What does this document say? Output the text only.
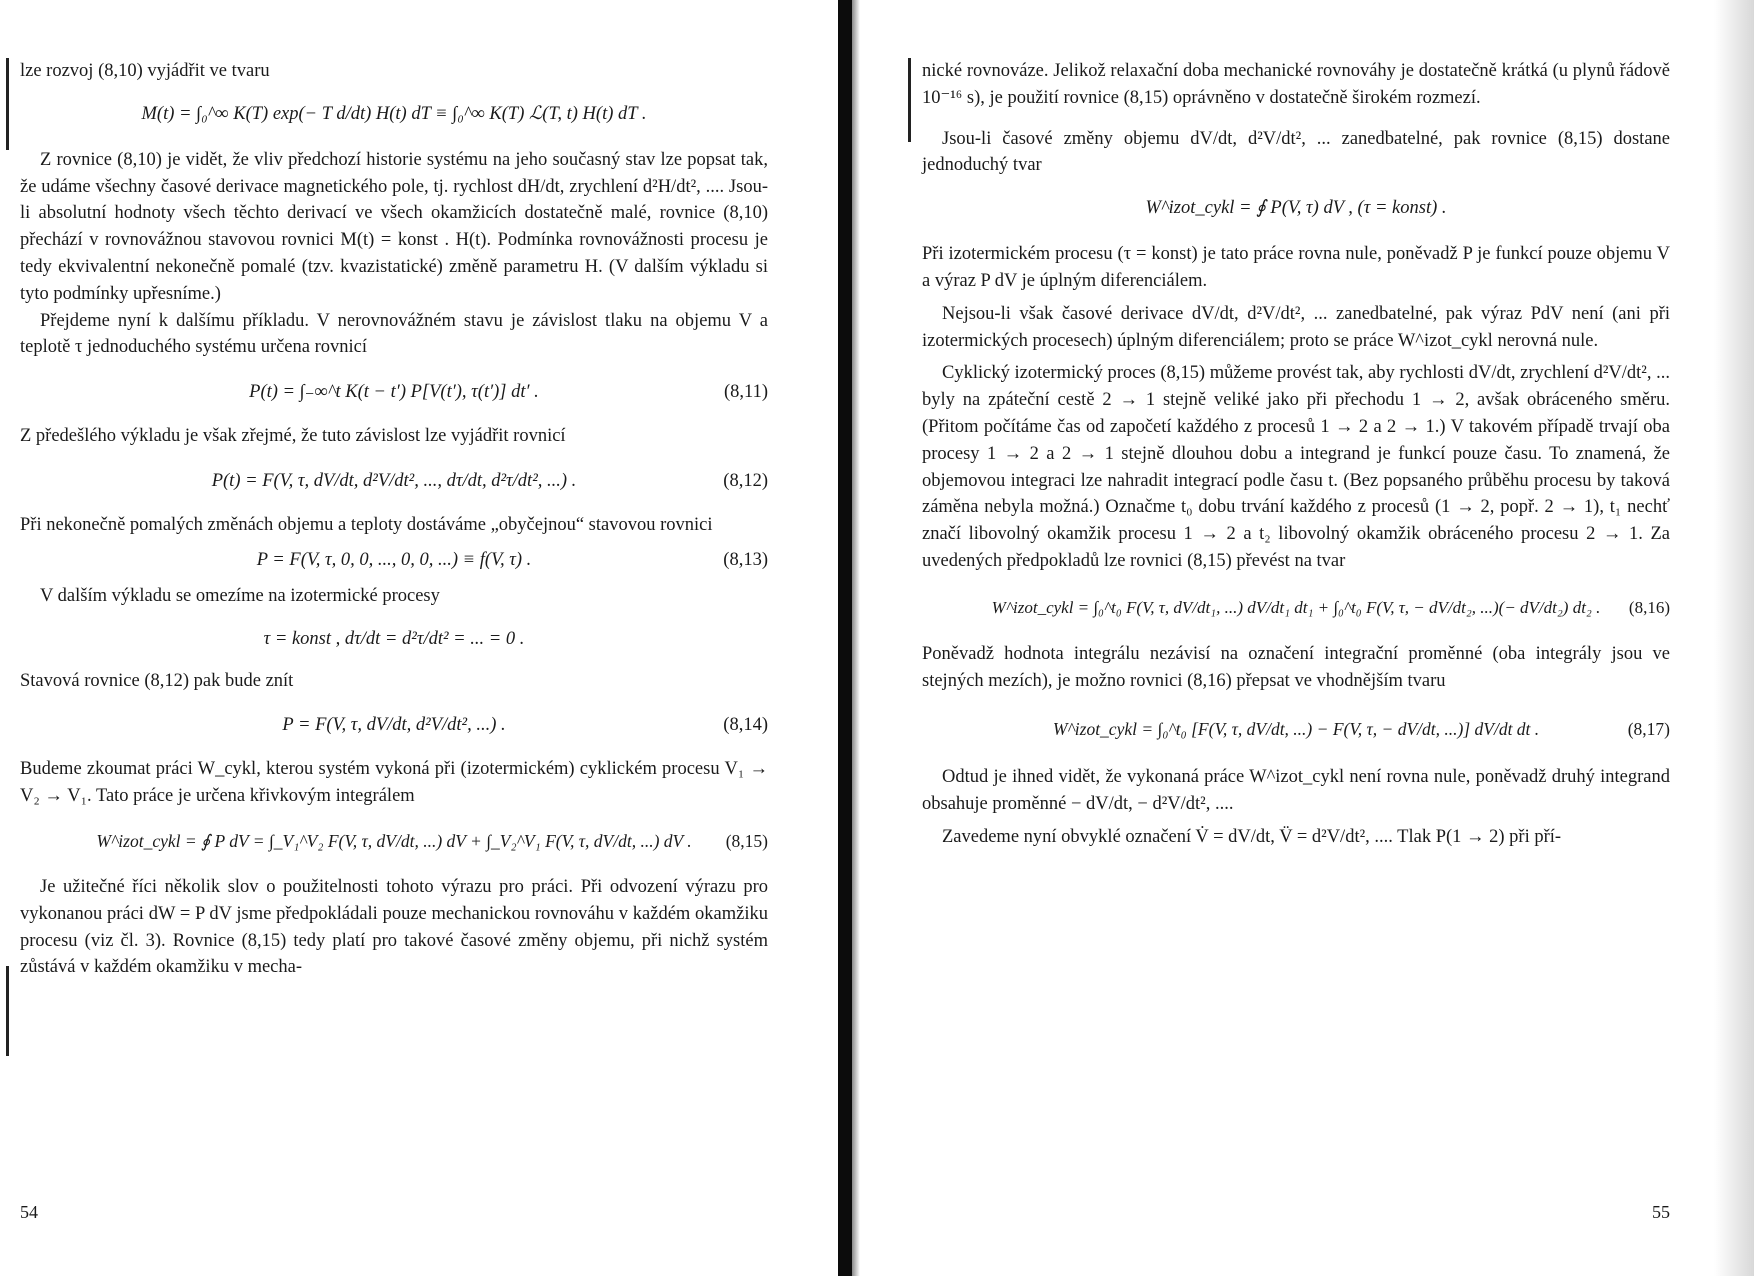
lze rozvoj (8,10) vyjádřit ve tvaru

M(t) = ∫₀^∞ K(T) exp(− T d/dt) H(t) dT ≡ ∫₀^∞ K(T) ℒ(T, t) H(t) dT .

Z rovnice (8,10) je vidět, že vliv předchozí historie systému na jeho současný stav lze popsat tak, že udáme všechny časové derivace magnetického pole, tj. rychlost dH/dt, zrychlení d²H/dt², .... Jsou-li absolutní hodnoty všech těchto derivací ve všech okamžicích dostatečně malé, rovnice (8,10) přechází v rovnovážnou stavovou rovnici M(t) = konst . H(t). Podmínka rovnovážnosti procesu je tedy ekvivalentní nekonečně pomalé (tzv. kvazistatické) změně parametru H. (V dalším výkladu si tyto podmínky upřesníme.)

Přejdeme nyní k dalšímu příkladu. V nerovnovážném stavu je závislost tlaku na objemu V a teplotě τ jednoduchého systému určena rovnicí

P(t) = ∫₋∞^t K(t − t′) P[V(t′), τ(t′)] dt′ .	(8,11)

Z předešlého výkladu je však zřejmé, že tuto závislost lze vyjádřit rovnicí

P(t) = F(V, τ, dV/dt, d²V/dt², ..., dτ/dt, d²τ/dt², ...) .	(8,12)

Při nekonečně pomalých změnách objemu a teploty dostáváme „obyčejnou“ stavovou rovnici

P = F(V, τ, 0, 0, ..., 0, 0, ...) ≡ f(V, τ) .	(8,13)

V dalším výkladu se omezíme na izotermické procesy

τ = konst , dτ/dt = d²τ/dt² = ... = 0 .

Stavová rovnice (8,12) pak bude znít

P = F(V, τ, dV/dt, d²V/dt², ...) .	(8,14)

Budeme zkoumat práci W_cykl, kterou systém vykoná při (izotermickém) cyklickém procesu V₁ → V₂ → V₁. Tato práce je určena křivkovým integrálem

W^izot_cykl = ∮ P dV = ∫_V₁^V₂ F(V, τ, dV/dt, ...) dV + ∫_V₂^V₁ F(V, τ, dV/dt, ...) dV . (8,15)

Je užitečné říci několik slov o použitelnosti tohoto výrazu pro práci. Při odvození výrazu pro vykonanou práci dW = P dV jsme předpokládali pouze mechanickou rovnováhu v každém okamžiku procesu (viz čl. 3). Rovnice (8,15) tedy platí pro takové časové změny objemu, při nichž systém zůstává v každém okamžiku v mecha-

54

nické rovnováze. Jelikož relaxační doba mechanické rovnováhy je dostatečně krátká (u plynů řádově 10⁻¹⁶ s), je použití rovnice (8,15) oprávněno v dostatečně širokém rozmezí.

Jsou-li časové změny objemu dV/dt, d²V/dt², ... zanedbatelné, pak rovnice (8,15) dostane jednoduchý tvar

W^izot_cykl = ∮ P(V, τ) dV , (τ = konst) .

Při izotermickém procesu (τ = konst) je tato práce rovna nule, poněvadž P je funkcí pouze objemu V a výraz P dV je úplným diferenciálem.

Nejsou-li však časové derivace dV/dt, d²V/dt², ... zanedbatelné, pak výraz PdV není (ani při izotermických procesech) úplným diferenciálem; proto se práce W^izot_cykl nerovná nule.

Cyklický izotermický proces (8,15) můžeme provést tak, aby rychlosti dV/dt, zrychlení d²V/dt², ... byly na zpáteční cestě 2 → 1 stejně veliké jako při přechodu 1 → 2, avšak obráceného směru. (Přitom počítáme čas od započetí každého z procesů 1 → 2 a 2 → 1.) V takovém případě trvají oba procesy 1 → 2 a 2 → 1 stejně dlouhou dobu a integrand je funkcí pouze času. To znamená, že objemovou integraci lze nahradit integrací podle času t. (Bez popsaného průběhu procesu by taková záměna nebyla možná.) Označme t₀ dobu trvání každého z procesů (1 → 2, popř. 2 → 1), t₁ nechť značí libovolný okamžik procesu 1 → 2 a t₂ libovolný okamžik obráceného procesu 2 → 1. Za uvedených předpokladů lze rovnici (8,15) převést na tvar

W^izot_cykl = ∫₀^t₀ F(V, τ, dV/dt₁, ...) dV/dt₁ dt₁ + ∫₀^t₀ F(V, τ, − dV/dt₂, ...)(− dV/dt₂) dt₂ . (8,16)

Poněvadž hodnota integrálu nezávisí na označení integrační proměnné (oba integrály jsou ve stejných mezích), je možno rovnici (8,16) přepsat ve vhodnějším tvaru

W^izot_cykl = ∫₀^t₀ [F(V, τ, dV/dt, ...) − F(V, τ, − dV/dt, ...)] dV/dt dt .	(8,17)

Odtud je ihned vidět, že vykonaná práce W^izot_cykl není rovna nule, poněvadž druhý integrand obsahuje proměnné − dV/dt, − d²V/dt², ....

Zavedeme nyní obvyklé označení V̇ = dV/dt, V̈ = d²V/dt², .... Tlak P(1 → 2) při pří-

55
